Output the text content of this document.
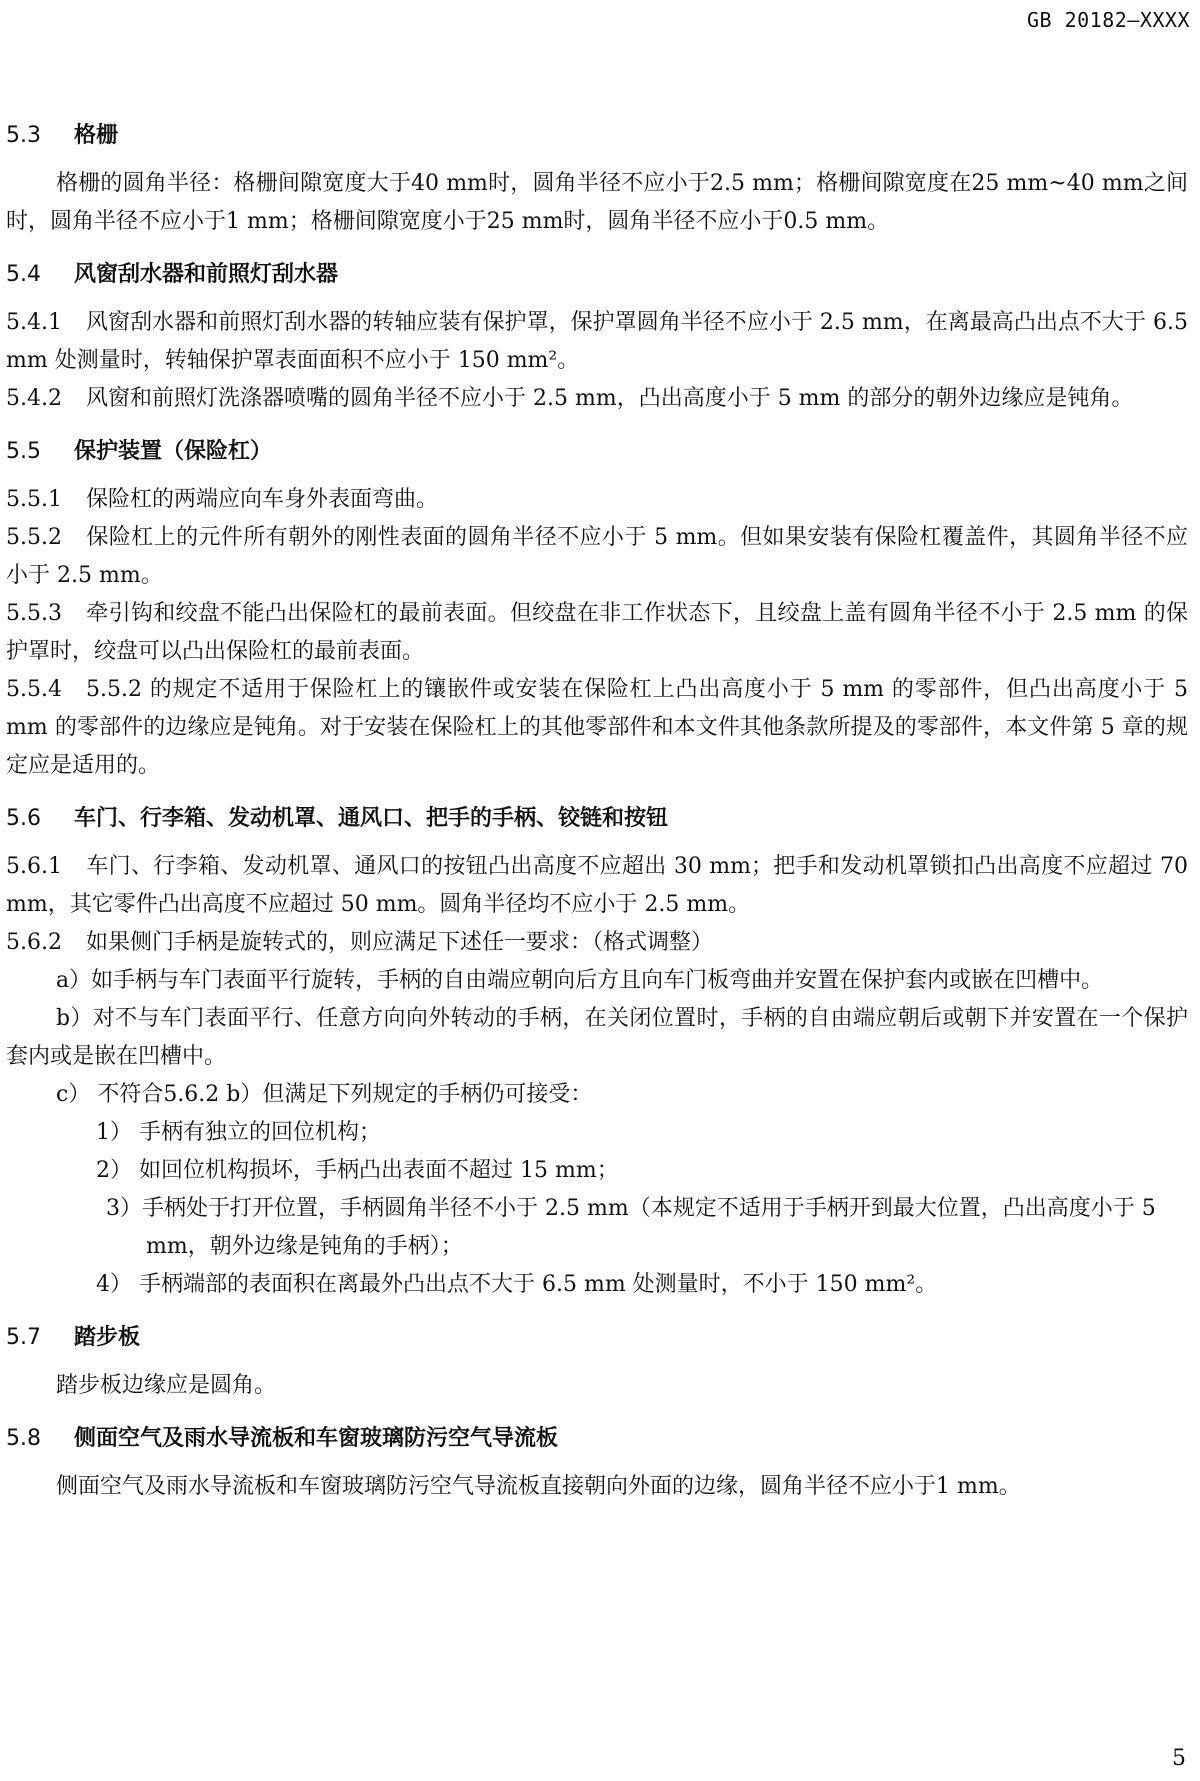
GB 20182—XXXX
5.3 格栅

格栅的圆角半径：格栅间隙宽度大于40 mm时，圆角半径不应小于2.5 mm；格栅间隙宽度在25 mm~40 mm之间时，圆角半径不应小于1 mm；格栅间隙宽度小于25 mm时，圆角半径不应小于0.5 mm。

5.4 风窗刮水器和前照灯刮水器

5.4.1 风窗刮水器和前照灯刮水器的转轴应装有保护罩，保护罩圆角半径不应小于 2.5 mm，在离最高凸出点不大于 6.5 mm 处测量时，转轴保护罩表面面积不应小于 150 mm²。

5.4.2 风窗和前照灯洗涤器喷嘴的圆角半径不应小于 2.5 mm，凸出高度小于 5 mm 的部分的朝外边缘应是钝角。

5.5 保护装置（保险杠）

5.5.1 保险杠的两端应向车身外表面弯曲。

5.5.2 保险杠上的元件所有朝外的刚性表面的圆角半径不应小于 5 mm。但如果安装有保险杠覆盖件，其圆角半径不应小于 2.5 mm。

5.5.3 牵引钩和绞盘不能凸出保险杠的最前表面。但绞盘在非工作状态下，且绞盘上盖有圆角半径不小于 2.5 mm 的保护罩时，绞盘可以凸出保险杠的最前表面。

5.5.4 5.5.2 的规定不适用于保险杠上的镶嵌件或安装在保险杠上凸出高度小于 5 mm 的零部件，但凸出高度小于 5 mm 的零部件的边缘应是钝角。对于安装在保险杠上的其他零部件和本文件其他条款所提及的零部件，本文件第 5 章的规定应是适用的。

5.6 车门、行李箱、发动机罩、通风口、把手的手柄、铰链和按钮

5.6.1 车门、行李箱、发动机罩、通风口的按钮凸出高度不应超出 30 mm；把手和发动机罩锁扣凸出高度不应超过 70 mm，其它零件凸出高度不应超过 50 mm。圆角半径均不应小于 2.5 mm。

5.6.2 如果侧门手柄是旋转式的，则应满足下述任一要求：（格式调整）

a）如手柄与车门表面平行旋转，手柄的自由端应朝向后方且向车门板弯曲并安置在保护套内或嵌在凹槽中。

b）对不与车门表面平行、任意方向向外转动的手柄，在关闭位置时，手柄的自由端应朝后或朝下并安置在一个保护套内或是嵌在凹槽中。

c） 不符合5.6.2 b）但满足下列规定的手柄仍可接受：

1） 手柄有独立的回位机构；

2） 如回位机构损坏，手柄凸出表面不超过 15 mm；

3）手柄处于打开位置，手柄圆角半径不小于 2.5 mm（本规定不适用于手柄开到最大位置，凸出高度小于 5 mm，朝外边缘是钝角的手柄）；

4） 手柄端部的表面积在离最外凸出点不大于 6.5 mm 处测量时，不小于 150 mm²。

5.7 踏步板

踏步板边缘应是圆角。

5.8 侧面空气及雨水导流板和车窗玻璃防污空气导流板

侧面空气及雨水导流板和车窗玻璃防污空气导流板直接朝向外面的边缘，圆角半径不应小于1 mm。

5
